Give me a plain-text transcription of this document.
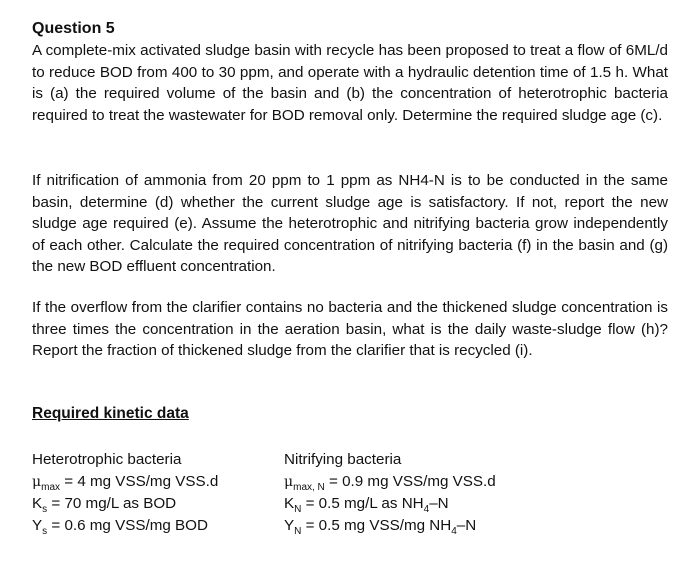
Question 5

A complete-mix activated sludge basin with recycle has been proposed to treat a flow of 6ML/d to reduce BOD from 400 to 30 ppm, and operate with a hydraulic detention time of 1.5 h. What is (a) the required volume of the basin and (b) the concentration of heterotrophic bacteria required to treat the wastewater for BOD removal only. Determine the required sludge age (c).

If nitrification of ammonia from 20 ppm to 1 ppm as NH4-N is to be conducted in the same basin, determine (d) whether the current sludge age is satisfactory. If not, report the new sludge age required (e). Assume the heterotrophic and nitrifying bacteria grow independently of each other. Calculate the required concentration of nitrifying bacteria (f) in the basin and (g) the new BOD effluent concentration.

If the overflow from the clarifier contains no bacteria and the thickened sludge concentration is three times the concentration in the aeration basin, what is the daily waste-sludge flow (h)? Report the fraction of thickened sludge from the clarifier that is recycled (i).

Required kinetic data
Heterotrophic bacteria
$\mu_{max} = 4$ mg VSS/mg VSS.d
$K_s = 70$ mg/L as BOD
$Y_s = 0.6$ mg VSS/mg BOD
Nitrifying bacteria
$\mu_{max, N} = 0.9$ mg VSS/mg VSS.d
$K_N = 0.5$ mg/L as $NH_4-N$
$Y_N = 0.5$ mg VSS/mg $NH_4-N$
